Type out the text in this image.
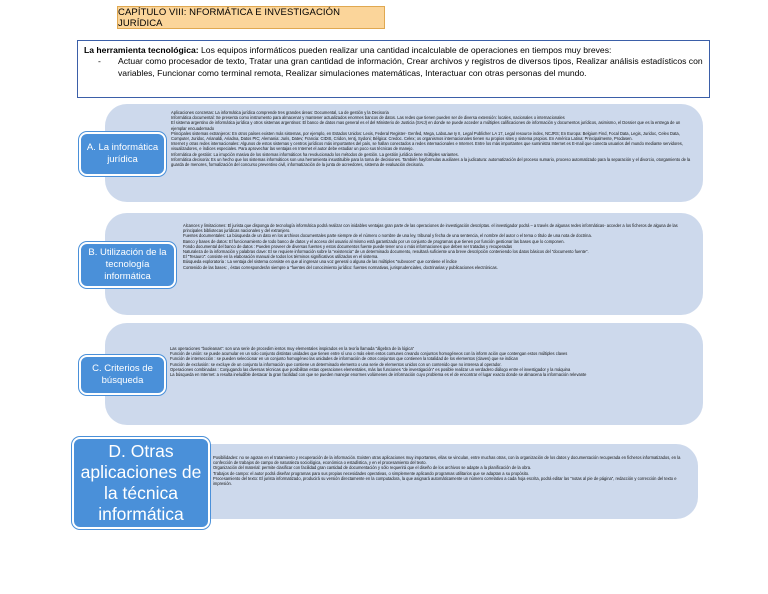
CAPÍTULO VIII: NFORMÁTICA E INVESTIGACIÓN JURÍDICA
La herramienta tecnológica: Los equipos informáticos pueden realizar una cantidad incalculable de operaciones en tiempos muy breves:
-	Actuar como procesador de texto, Tratar una gran cantidad de información, Crear archivos y registros de diversos tipos, Realizar análisis estadísticos con variables, Funcionar como terminal remota, Realizar simulaciones matemáticas, Interactuar con otras personas del mundo.
Aplicaciones concretas: La informática jurídica comprende tres grandes áreas: Documental, La de gestión y la Decisoria
Informática documental: Se presenta como instrumento para almacenar y mantener actualizados enormes bancos de datos. Las redes que tienen pueden ser de diversa extensión: locales, nacionales o internacionales
El sistema argentino de informática jurídica y otros sistemas argentinos: El banco de datos mas general es el del Ministerio de Justicia (SAIJ) en donde se puede acceder a múltiples calificaciones de información y documentos jurídicos, asimismo, el Dossier que es la entrega de un ejemplar encuadernado
Principales sistemas extranjeros: En otros países existen más sistemas, por ejemplo, en Estados Unidos: Lexis, Federal Register- Genfed, Mega, LaboLaw Iy II, Legal Publicher LA 17, Legal resource index, NCJRS; En Europa: Belgium Find, Focal Data, Legis, Juridoc, Celex Data, Computer, Juridoc, Arianaldi, Ariadna, Datos PIC; Alemania: Juris, Datev; Francia: CIDIS, Cridon, Ientj, Sydoni; Bélgica: Credoc. Celex; os organismos internacionales tienen su propios sites y sistema propios. En América Latina: Principalmente, Prodasen.
Internet y otras redes internacionales: Algunos de estos sistemas y centros jurídicos más importantes del país, se hallan conectados a redes internacionales e Internet. Entre los más importantes que suministra Internet es E-mail que conecta usuarios del mundo mediante servidores, visualizadores, e índices especiales. Para aprovechar las ventajas en Internet el autor debe estudiar un poco sus técnicas de manejo.
Informática de gestión: La irrupción masiva de los sistemas informáticos ha revolucionado los métodos de gestión. La gestión jurídica tiene múltiples variantes.
Informática decisoria: Es un hecho que los sistemas informáticos son una herramienta insustituible para la toma de decisiones. También hayformulas auxiliares a la judicatura: automatización del proceso sumario, proceso automatizado para la separación y el divorcio, otorgamiento de la guarda de menores, formalización del concurso preventivo civil, informatización de la junta de acreedores, sistema de evaluación decisoria.
A. La informática jurídica
Alcances y limitaciones: El jurista que disponga de tecnología informática podrá realizar con inidables ventajas gran parte de las operaciones de investigación descriptas. el investigador podrá – a través de algunas redes informáticas- acceder a los ficheros de alguna de las principales bibliotecas jurídicas nacionales y del extranjero.
Fuentes documentales: La búsqueda de un dato en los archivos documentales parte siempre de el número o nombre de una ley, tribunal y fecha de una sentencia, el nombre del autor o el tema o título de una nota de doctrina.
Banco y bases de datos: El funcionamiento de todo banco de datos y el acceso del usuario al mismo está garantizado por un conjunto de programas que tienen por función gestionar las bases que lo componen.
Fondo documental del banco de datos : Pueden proveer de diversas fuentes y estos documentos fuente puede tener uno o más informaciones que deben ser tratadas y recuperadas
Naturaleza de la información y palabras clave: El se requiere información sobre la "existencia" de un determinado documento, resultará suficiente una breve descripción conteniendo los datos básicos del "documento fuente".
El "Tesauro": consiste en la elaboración manual de todos los términos significativos utilizados en el sistema.
Búsqueda exploratoria : La ventaja del sistema consiste en que al ingresar una voz general o alguna de las múltiples "subvoces" que contiene el índice
Contenido de las bases: , éstas corresponderán siempre a "fuentes del conocimiento jurídico: fuentes normativas, jurisprudenciales, doctrinarias y publicaciones electrónicas.
B. Utilización de la tecnología informática
Las operaciones "booleanas": son una serie de procedim ientos muy elementales inspirados en la teoría llamada "álgebra de la lógica"
Función de unión: se puede acumular en un solo conjunto distintas unidades que tienen entre sí uno o más elem entos comunes creando conjuntos homogéneos con la inform ación que contengan estos múltiples claves
Función de intersección : se pueden seleccionar en un conjunto homogéneo las unidades de información de otros conjuntos que contienen la totalidad de los elementos (claves) que se indican
Función de exclusión: se excluye de un conjunto la información que contiene un determinado elemento o una serie de elementos unidos con un contenido que no interesa al operador.
Operaciones combinadas : Conjugando las diversas técnicas que posibilitan estas operaciones elementales, más las funciones "de investigación" es posible realizar un verdadero diálogo entre el investigador y la máquina
La búsqueda en Internet: a resulta ineludible destacar la gran facilidad con que se pueden manejar enormes volúmenes de información cuyo problema es el de encontrar el lugar exacto donde se almacena la información relevante
C. Criterios de búsqueda
Posibilidades: no se agotan en el tratamiento y recuperación de la información. Existen otras aplicaciones muy importantes, ellas se vinculan, entre muchas otras, con la organización de los datos y documentación recuperada en ficheros informatizados, en la confección de trabajos de campo de naturaleza sociológica, económica o estadística, y en el procesamiento del texto.
Organización del material: permite clasificar con facilidad gran cantidad de documentación y sólo requerirá que el diseño de los archivos se adapte a la planificación de la obra.
Trabajos de campo: el autor podrá diseñar programas para sus propias necesidades operativas, o simplemente aplicando programas utilitarios que se adaptan a su propósito.
Procesamiento del texto: El jurista informatizado, producirá su versión directamente en la computadora, la que asignará automáticamente un número correlativo a cada hoja escrita, podrá editar las "notas al pie de página", redacción y corrección del texto e impresión.
D. Otras aplicaciones de la técnica informática
